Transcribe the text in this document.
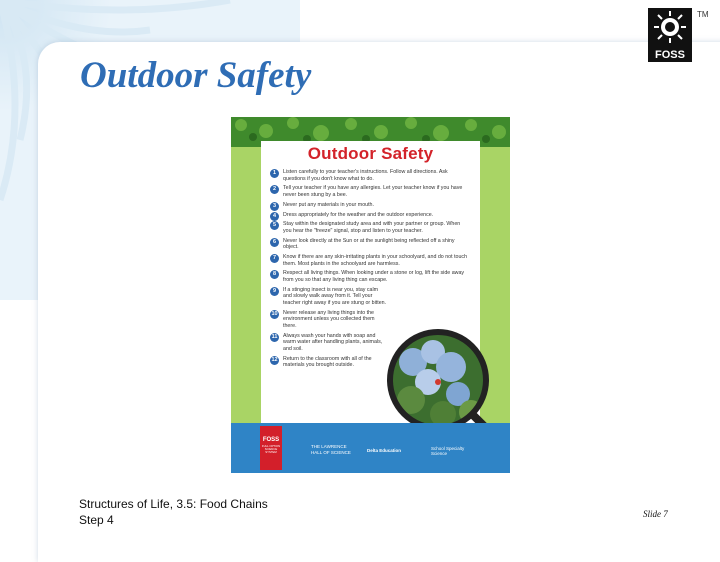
Outdoor Safety
TM
FOSS
Outdoor Safety
1	Listen carefully to your teacher's instructions. Follow all directions. Ask questions if you don't know what to do.
2	Tell your teacher if you have any allergies. Let your teacher know if you have never been stung by a bee.
3	Never put any materials in your mouth.
4	Dress appropriately for the weather and the outdoor experience.
5	Stay within the designated study area and with your partner or group. When you hear the "freeze" signal, stop and listen to your teacher.
6	Never look directly at the Sun or at the sunlight being reflected off a shiny object.
7	Know if there are any skin-irritating plants in your schoolyard, and do not touch them. Most plants in the schoolyard are harmless.
8	Respect all living things. When looking under a stone or log, lift the side away from you so that any living thing can escape.
9	If a stinging insect is near you, stay calm and slowly walk away from it. Tell your teacher right away if you are stung or bitten.
10 Never release any living things into the environment unless you collected them there.
11	Always wash your hands with soap and warm water after handling plants, animals, and soil.
12 Return to the classroom with all of the materials you brought outside.
FOSS
FULL OPTION SCIENCE SYSTEM
THE LAWRENCE HALL OF SCIENCE	Delta Education	School Specialty Science
Structures of Life, 3.5: Food Chains
Step 4	Slide 7
